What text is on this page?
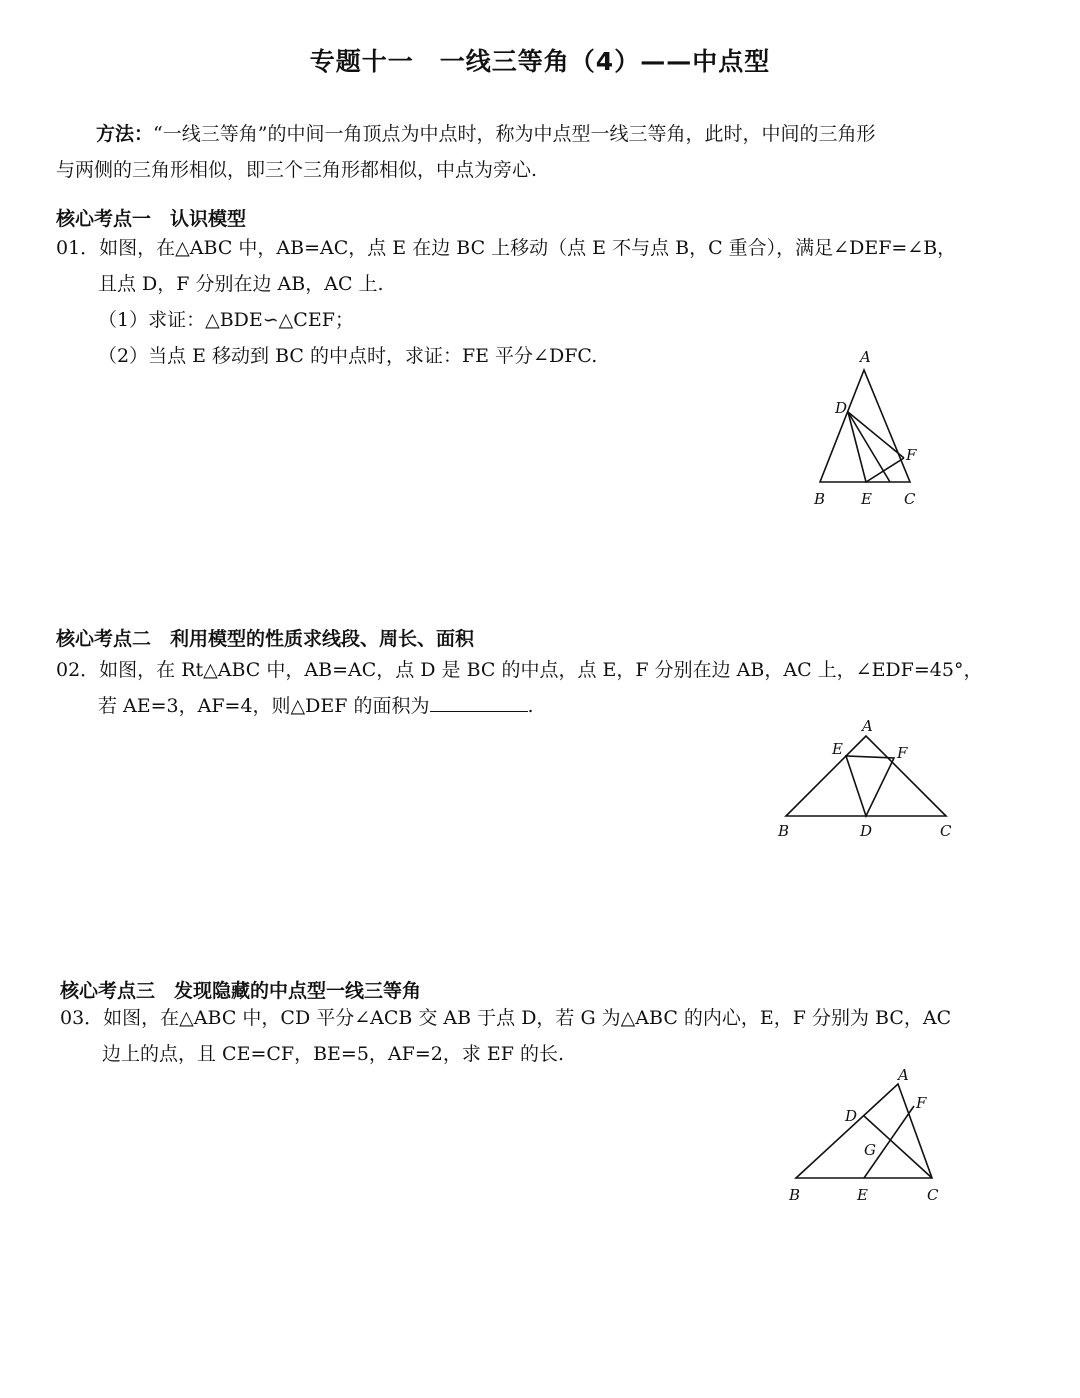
专题十一　一线三等角（4）——中点型
方法：“一线三等角”的中间一角顶点为中点时，称为中点型一线三等角，此时，中间的三角形
与两侧的三角形相似，即三个三角形都相似，中点为旁心.
核心考点一　认识模型
01．如图，在△ABC 中，AB=AC，点 E 在边 BC 上移动（点 E 不与点 B，C 重合），满足∠DEF=∠B，
且点 D，F 分别在边 AB，AC 上.
（1）求证：△BDE∽△CEF；
（2）当点 E 移动到 BC 的中点时，求证：FE 平分∠DFC.	A
D
F
B E C
核心考点二　利用模型的性质求线段、周长、面积
02．如图，在 Rt△ABC 中，AB=AC，点 D 是 BC 的中点，点 E，F 分别在边 AB，AC 上，∠EDF=45°，
若 AE=3，AF=4，则△DEF 的面积为	.
A
E	F
B	D	C
核心考点三　发现隐藏的中点型一线三等角
03．如图，在△ABC 中，CD 平分∠ACB 交 AB 于点 D，若 G 为△ABC 的内心，E，F 分别为 BC，AC
边上的点，且 CE=CF，BE=5，AF=2，求 EF 的长.
A
F
D
G
B	E	C
